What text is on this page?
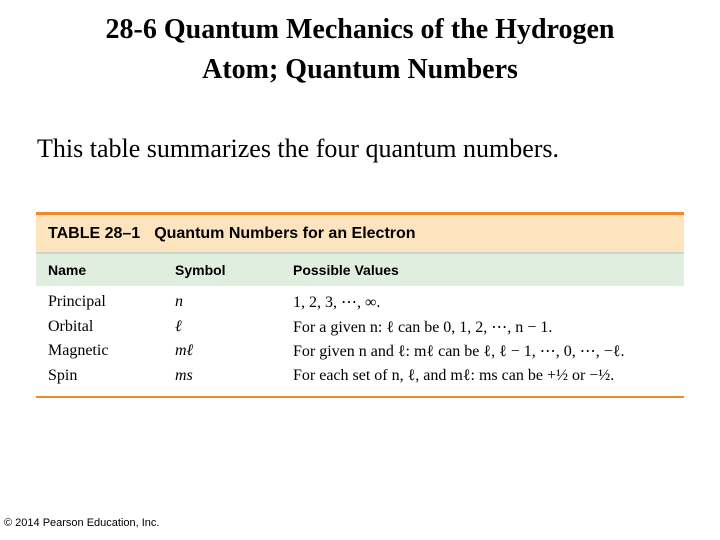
28-6 Quantum Mechanics of the Hydrogen
Atom; Quantum Numbers
This table summarizes the four quantum numbers.
TABLE 28–1 Quantum Numbers for an Electron
Name	Symbol	Possible Values
Principal	n	1, 2, 3, ⋯, ∞.
Orbital	ℓ	For a given n: ℓ can be 0, 1, 2, ⋯, n − 1.
Magnetic	mℓ	For given n and ℓ: mℓ can be ℓ, ℓ − 1, ⋯, 0, ⋯, −ℓ.
Spin	ms	For each set of n, ℓ, and mℓ: ms can be +½ or −½.
© 2014 Pearson Education, Inc.
